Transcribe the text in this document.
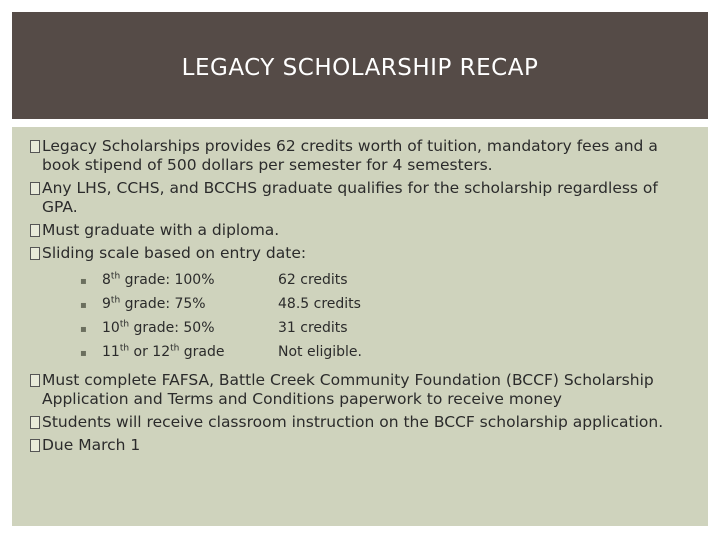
LEGACY SCHOLARSHIP RECAP
Legacy Scholarships provides 62 credits worth of tuition, mandatory fees and a book stipend of 500 dollars per semester for 4 semesters.
Any LHS, CCHS, and BCCHS graduate qualifies for the scholarship regardless of GPA.
Must graduate with a diploma.
Sliding scale based on entry date:
▪	8th grade: 100%	62 credits
▪	9th grade: 75%	48.5 credits
▪	10th grade: 50%	31 credits
▪	11th or 12th grade	Not eligible.
Must complete FAFSA, Battle Creek Community Foundation (BCCF) Scholarship Application and Terms and Conditions paperwork to receive money
Students will receive classroom instruction on the BCCF scholarship application.
Due March 1
